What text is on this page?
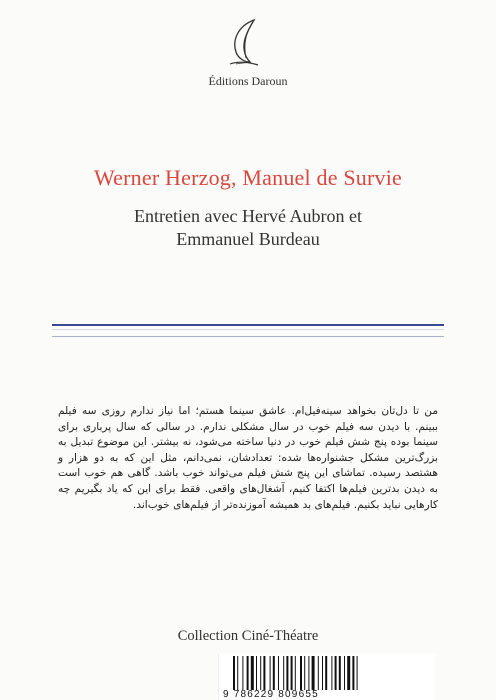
Éditions Daroun
Werner Herzog, Manuel de Survie
Entretien avec Hervé Aubron et
Emmanuel Burdeau
من تا دل‌تان بخواهد سینه‌فیل‌ام. عاشق سینما هستم؛ اما نیاز ندارم روزی سه فیلم ببینم. با دیدن سه فیلم خوب در سال مشکلی ندارم. در سالی که سال پرباری برای سینما بوده پنج شش فیلم خوب در دنیا ساخته می‌شود، نه بیشتر. این موضوع تبدیل به بزرگ‌ترین مشکل جشنواره‌ها شده: تعدادشان، نمی‌دانم، مثل این که به دو هزار و هشتصد رسیده. تماشای این پنج شش فیلم می‌تواند خوب باشد. گاهی هم خوب است به دیدن بدترین فیلم‌ها اکتفا کنیم، آشغال‌های واقعی. فقط برای این که یاد بگیریم چه کارهایی نباید بکنیم. فیلم‌های بد همیشه آموزنده‌تر از فیلم‌های خوب‌اند.
Collection Ciné-Théatre
9 786229 809655
